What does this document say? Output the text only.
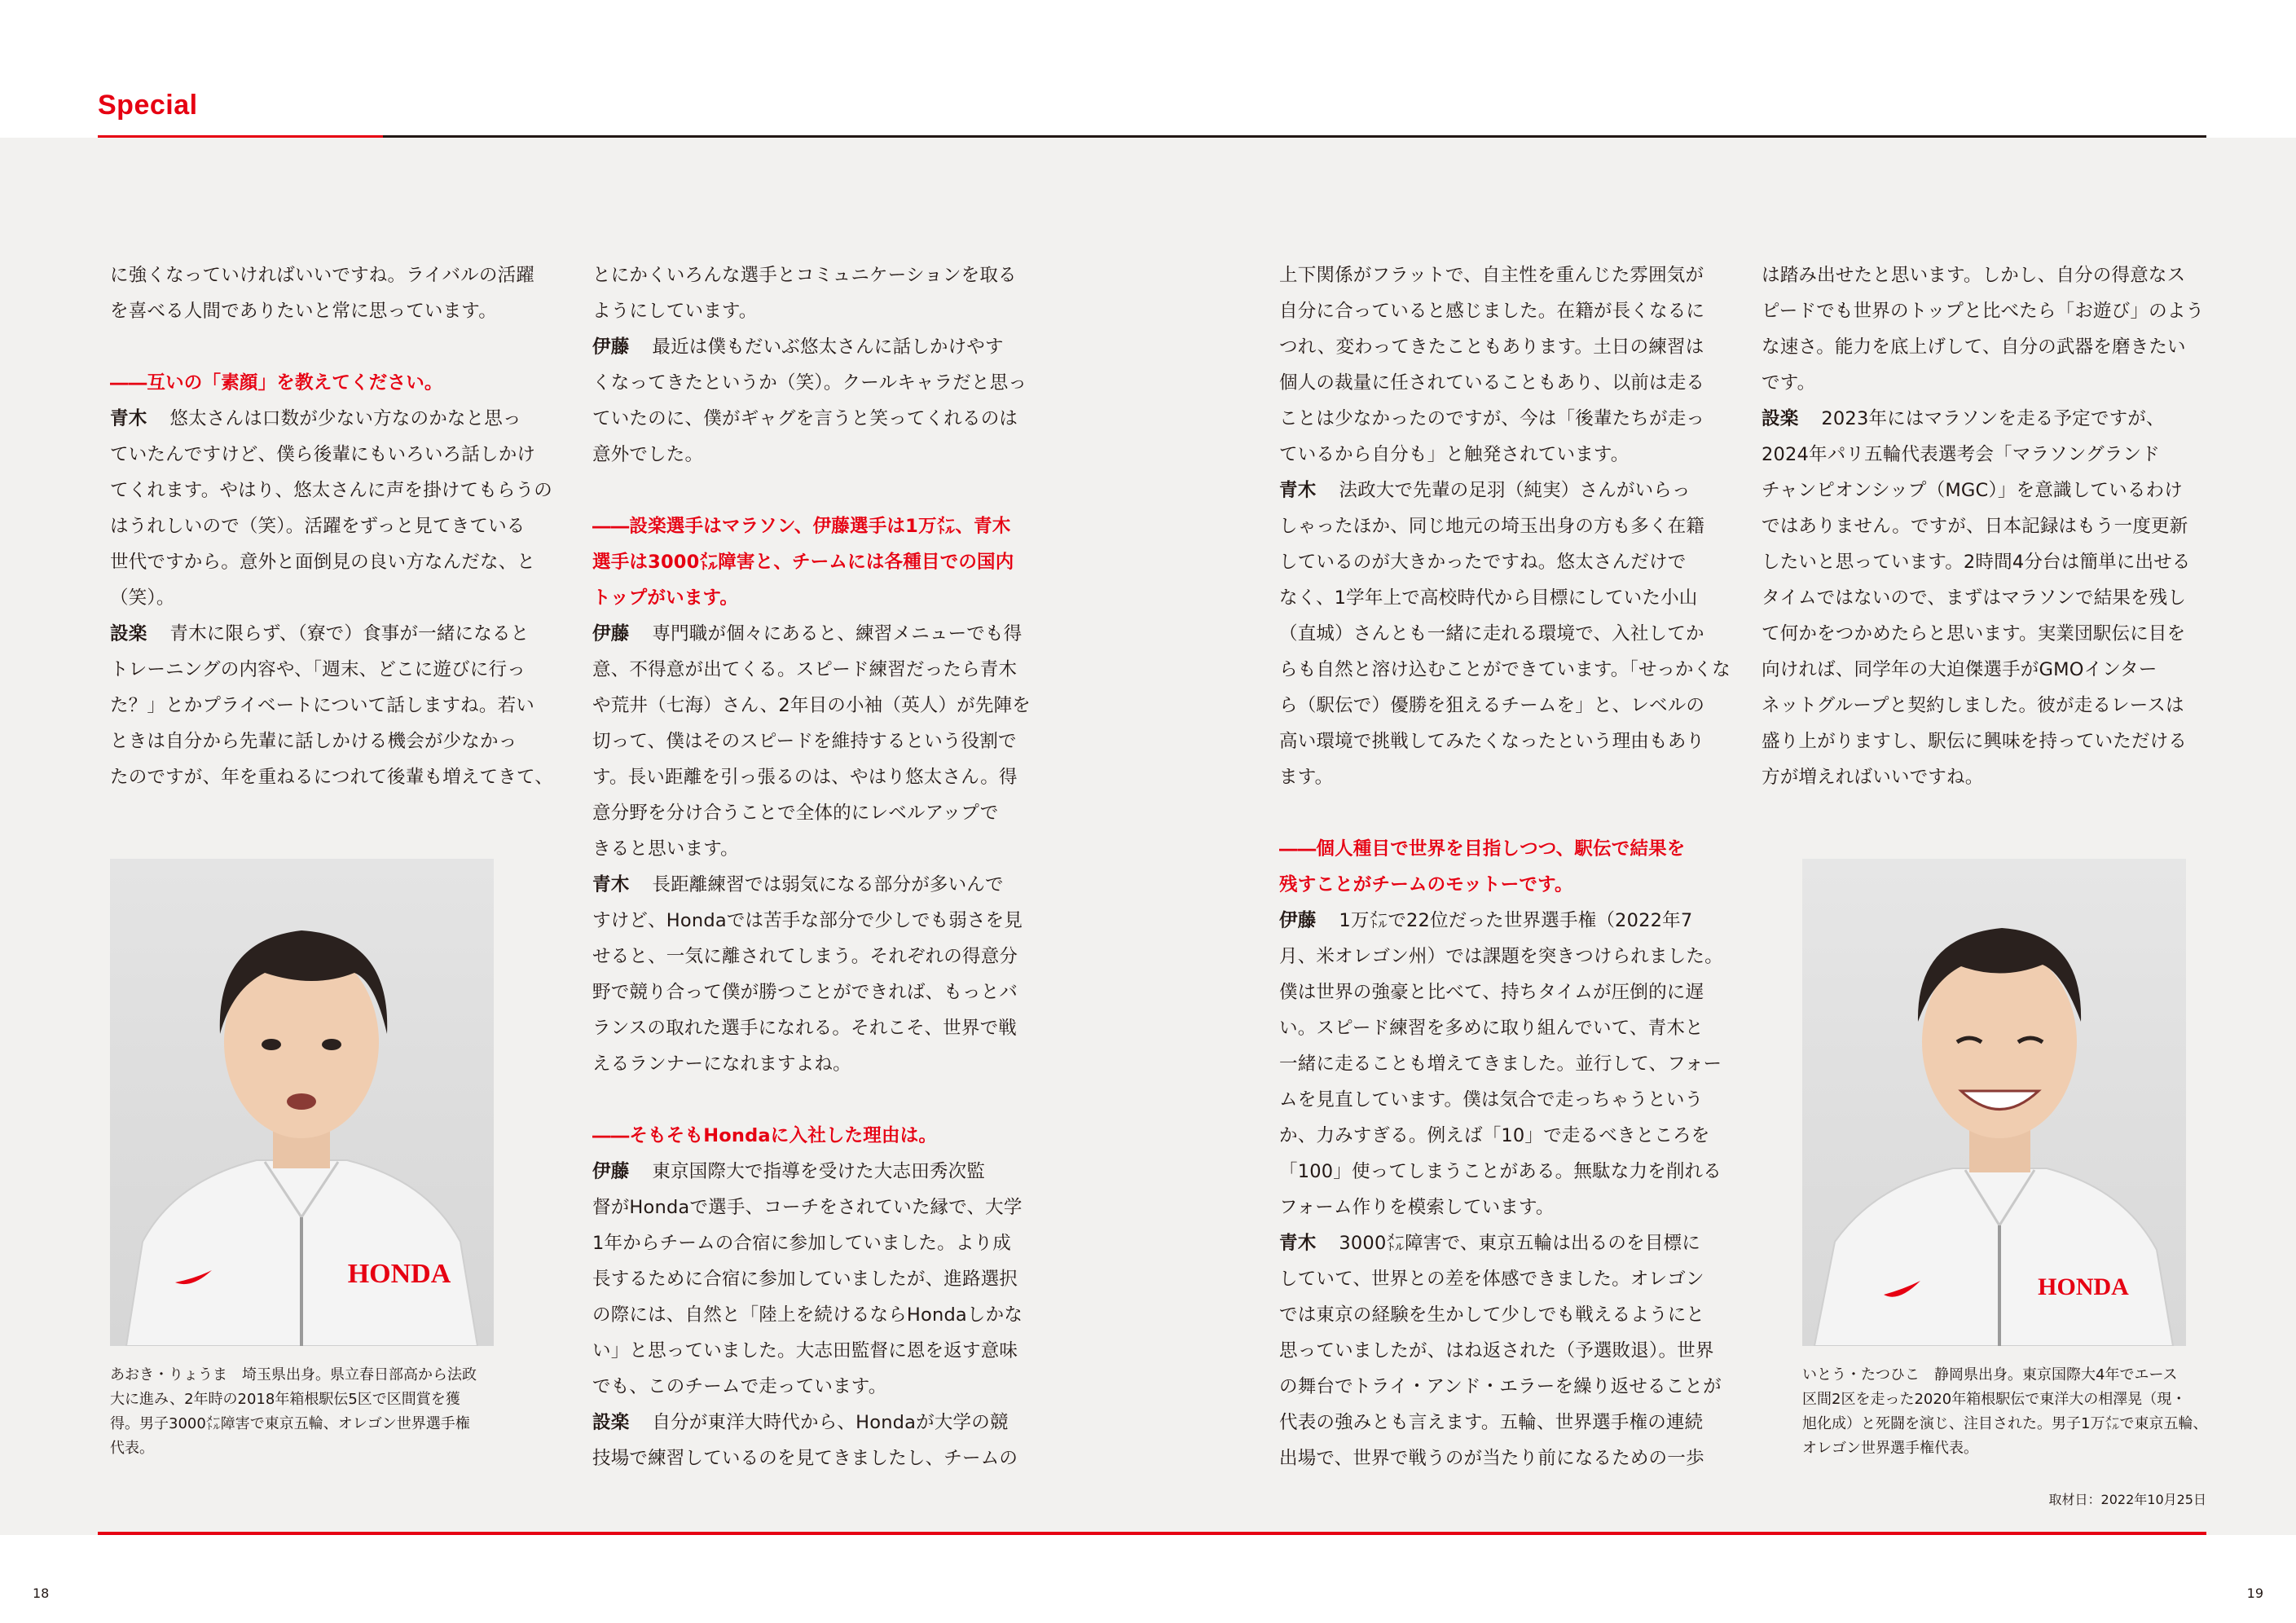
Special

に強くなっていければいいですね。ライバルの活躍

を喜べる人間でありたいと常に思っています。

――互いの「素顔」を教えてください。

青木 悠太さんは口数が少ない方なのかなと思っ

ていたんですけど、僕ら後輩にもいろいろ話しかけ

てくれます。やはり、悠太さんに声を掛けてもらうの

はうれしいので（笑）。活躍をずっと見てきている

世代ですから。意外と面倒見の良い方なんだな、と

（笑）。

設楽 青木に限らず、（寮で）食事が一緒になると

トレーニングの内容や、「週末、どこに遊びに行っ

た？」とかプライベートについて話しますね。若い

ときは自分から先輩に話しかける機会が少なかっ

たのですが、年を重ねるにつれて後輩も増えてきて、

とにかくいろんな選手とコミュニケーションを取る

ようにしています。

伊藤 最近は僕もだいぶ悠太さんに話しかけやす

くなってきたというか（笑）。クールキャラだと思っ

ていたのに、僕がギャグを言うと笑ってくれるのは

意外でした。

――設楽選手はマラソン、伊藤選手は1万㍍、青木

選手は3000㍍障害と、チームには各種目での国内

トップがいます。

伊藤 専門職が個々にあると、練習メニューでも得

意、不得意が出てくる。スピード練習だったら青木

や荒井（七海）さん、2年目の小袖（英人）が先陣を

切って、僕はそのスピードを維持するという役割で

す。長い距離を引っ張るのは、やはり悠太さん。得

意分野を分け合うことで全体的にレベルアップで

きると思います。

青木 長距離練習では弱気になる部分が多いんで

すけど、Hondaでは苦手な部分で少しでも弱さを見

せると、一気に離されてしまう。それぞれの得意分

野で競り合って僕が勝つことができれば、もっとバ

ランスの取れた選手になれる。それこそ、世界で戦

えるランナーになれますよね。

――そもそもHondaに入社した理由は。

伊藤 東京国際大で指導を受けた大志田秀次監

督がHondaで選手、コーチをされていた縁で、大学

1年からチームの合宿に参加していました。より成

長するために合宿に参加していましたが、進路選択

の際には、自然と「陸上を続けるならHondaしかな

い」と思っていました。大志田監督に恩を返す意味

でも、このチームで走っています。

設楽 自分が東洋大時代から、Hondaが大学の競

技場で練習しているのを見てきましたし、チームの

上下関係がフラットで、自主性を重んじた雰囲気が

自分に合っていると感じました。在籍が長くなるに

つれ、変わってきたこともあります。土日の練習は

個人の裁量に任されていることもあり、以前は走る

ことは少なかったのですが、今は「後輩たちが走っ

ているから自分も」と触発されています。

青木 法政大で先輩の足羽（純実）さんがいらっ

しゃったほか、同じ地元の埼玉出身の方も多く在籍

しているのが大きかったですね。悠太さんだけで

なく、1学年上で高校時代から目標にしていた小山

（直城）さんとも一緒に走れる環境で、入社してか

らも自然と溶け込むことができています。「せっかくな

ら（駅伝で）優勝を狙えるチームを」と、レベルの

高い環境で挑戦してみたくなったという理由もあり

ます。

――個人種目で世界を目指しつつ、駅伝で結果を

残すことがチームのモットーです。

伊藤 1万㍍で22位だった世界選手権（2022年7

月、米オレゴン州）では課題を突きつけられました。

僕は世界の強豪と比べて、持ちタイムが圧倒的に遅

い。スピード練習を多めに取り組んでいて、青木と

一緒に走ることも増えてきました。並行して、フォー

ムを見直しています。僕は気合で走っちゃうという

か、力みすぎる。例えば「10」で走るべきところを

「100」使ってしまうことがある。無駄な力を削れる

フォーム作りを模索しています。

青木 3000㍍障害で、東京五輪は出るのを目標に

していて、世界との差を体感できました。オレゴン

では東京の経験を生かして少しでも戦えるようにと

思っていましたが、はね返された（予選敗退）。世界

の舞台でトライ・アンド・エラーを繰り返せることが

代表の強みとも言えます。五輪、世界選手権の連続

出場で、世界で戦うのが当たり前になるための一歩

は踏み出せたと思います。しかし、自分の得意なス

ピードでも世界のトップと比べたら「お遊び」のよう

な速さ。能力を底上げして、自分の武器を磨きたい

です。

設楽 2023年にはマラソンを走る予定ですが、

2024年パリ五輪代表選考会「マラソングランド

チャンピオンシップ（MGC）」を意識しているわけ

ではありません。ですが、日本記録はもう一度更新

したいと思っています。2時間4分台は簡単に出せる

タイムではないので、まずはマラソンで結果を残し

て何かをつかめたらと思います。実業団駅伝に目を

向ければ、同学年の大迫傑選手がGMOインター

ネットグループと契約しました。彼が走るレースは

盛り上がりますし、駅伝に興味を持っていただける

方が増えればいいですね。

HONDA
あおき・りょうま　埼玉県出身。県立春日部高から法政
大に進み、2年時の2018年箱根駅伝5区で区間賞を獲
得。男子3000㍍障害で東京五輪、オレゴン世界選手権
代表。
HONDA
いとう・たつひこ　静岡県出身。東京国際大4年でエース
区間2区を走った2020年箱根駅伝で東洋大の相澤晃（現・
旭化成）と死闘を演じ、注目された。男子1万㍍で東京五輪、
オレゴン世界選手権代表。
取材日：2022年10月25日
18	19
